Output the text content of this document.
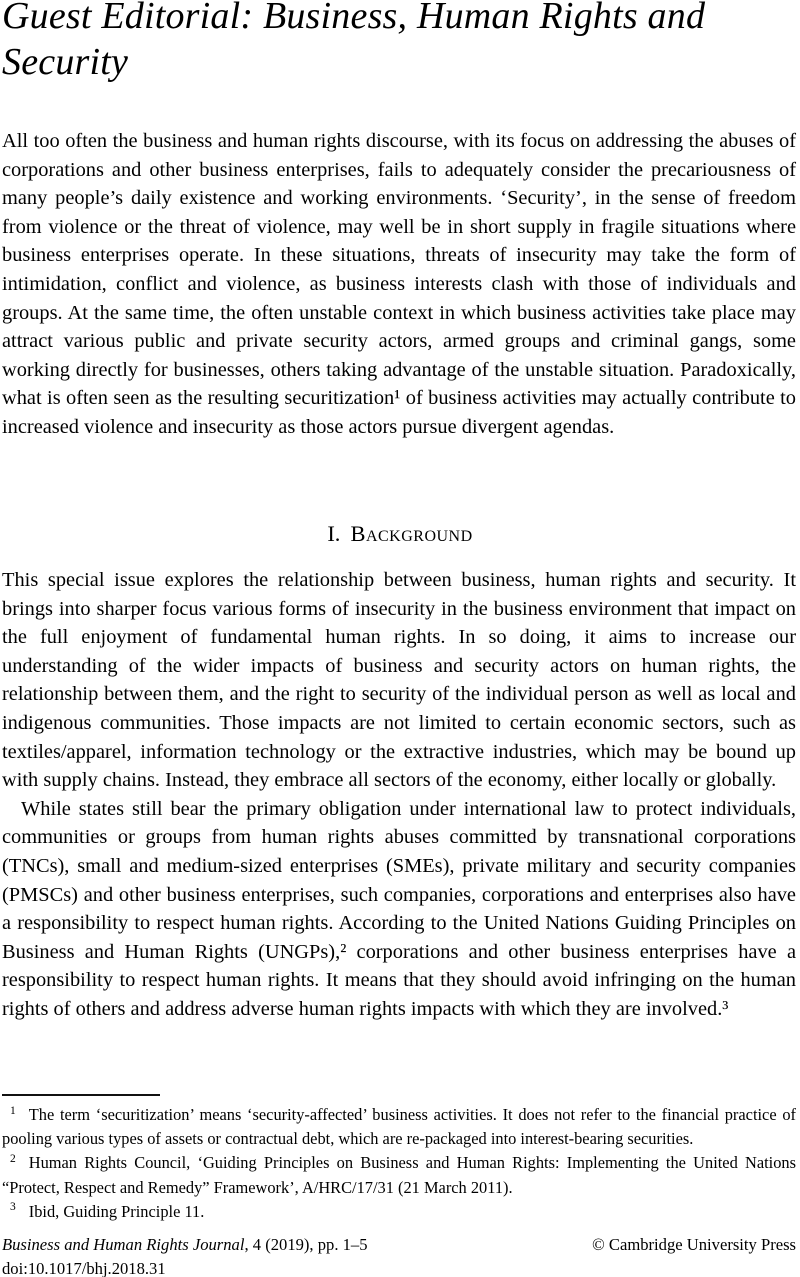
Guest Editorial: Business, Human Rights and Security

All too often the business and human rights discourse, with its focus on addressing the abuses of corporations and other business enterprises, fails to adequately consider the precariousness of many people’s daily existence and working environments. ‘Security’, in the sense of freedom from violence or the threat of violence, may well be in short supply in fragile situations where business enterprises operate. In these situations, threats of insecurity may take the form of intimidation, conflict and violence, as business interests clash with those of individuals and groups. At the same time, the often unstable context in which business activities take place may attract various public and private security actors, armed groups and criminal gangs, some working directly for businesses, others taking advantage of the unstable situation. Paradoxically, what is often seen as the resulting securitization¹ of business activities may actually contribute to increased violence and insecurity as those actors pursue divergent agendas.

I. Background

This special issue explores the relationship between business, human rights and security. It brings into sharper focus various forms of insecurity in the business environment that impact on the full enjoyment of fundamental human rights. In so doing, it aims to increase our understanding of the wider impacts of business and security actors on human rights, the relationship between them, and the right to security of the individual person as well as local and indigenous communities. Those impacts are not limited to certain economic sectors, such as textiles/apparel, information technology or the extractive industries, which may be bound up with supply chains. Instead, they embrace all sectors of the economy, either locally or globally.

While states still bear the primary obligation under international law to protect individuals, communities or groups from human rights abuses committed by transnational corporations (TNCs), small and medium-sized enterprises (SMEs), private military and security companies (PMSCs) and other business enterprises, such companies, corporations and enterprises also have a responsibility to respect human rights. According to the United Nations Guiding Principles on Business and Human Rights (UNGPs),² corporations and other business enterprises have a responsibility to respect human rights. It means that they should avoid infringing on the human rights of others and address adverse human rights impacts with which they are involved.³

$^1$ The term ‘securitization’ means ‘security-affected’ business activities. It does not refer to the financial practice of pooling various types of assets or contractual debt, which are re-packaged into interest-bearing securities.

$^2$ Human Rights Council, ‘Guiding Principles on Business and Human Rights: Implementing the United Nations “Protect, Respect and Remedy” Framework’, A/HRC/17/31 (21 March 2011).

$^3$ Ibid, Guiding Principle 11.

Business and Human Rights Journal, 4 (2019), pp. 1–5	© Cambridge University Press
doi:10.1017/bhj.2018.31
